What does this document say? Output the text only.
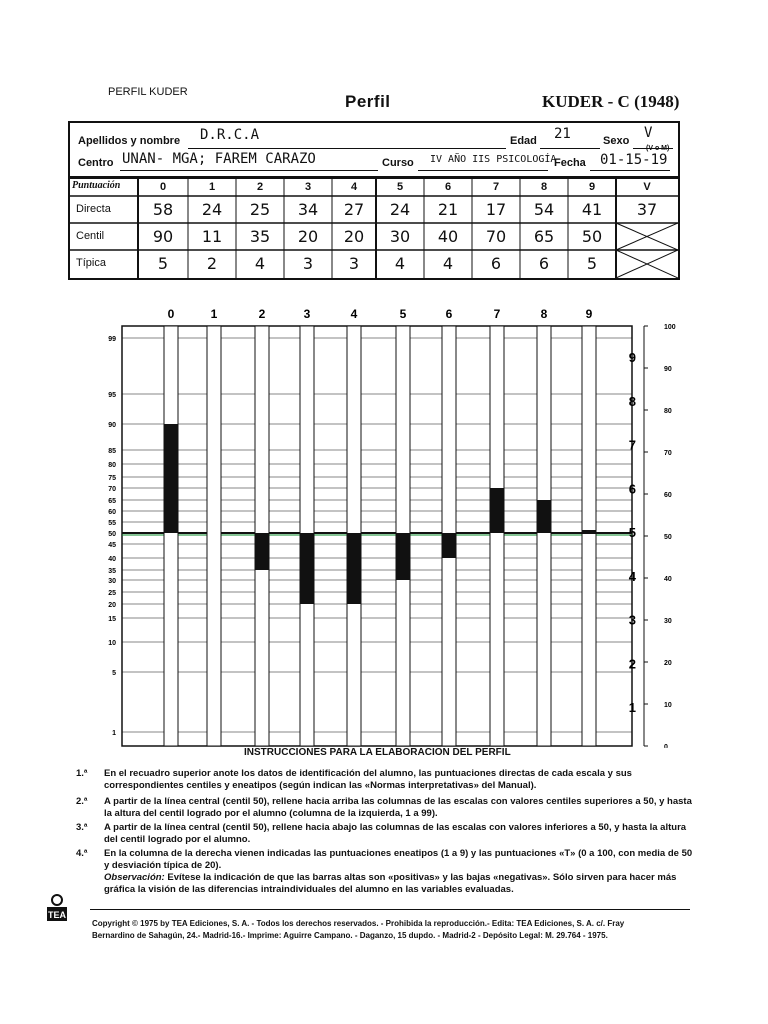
PERFIL KUDER	Perfil	KUDER - C (1948)
Apellidos y nombre D.R.C.A	Edad 21	Sexo V
(V o M)
Centro UNAN- MGA; FAREM CARAZO	Curso IV AÑO IIS PSICOLOGÍA
Fecha 01-15-19
Puntuación	0	1	2	3	4	5	6	7	8	9	V
Directa	58	24	25	34	27	24	21	17	54	41	37
Centil	90	11	35	20	20	30	40	70	65	50
Típica	5	2	4	3	3	4	4	6	6	5
99
95
90
85
80
75
70
65
60
55
50
45
40
35
30
25
20
15
10
5
1
0	1	2	3	4	5	6	7	8	9
100
90
80
70
60
50
40
30
20
10
0
9
8
7
6
5
4
3
2
1
INSTRUCCIONES PARA LA ELABORACION DEL PERFIL
1.ª En el recuadro superior anote los datos de identificación del alumno, las puntuaciones directas de cada escala y sus correspondientes centiles y eneatipos (según indican las «Normas interpretativas» del Manual).
2.ª A partir de la línea central (centil 50), rellene hacia arriba las columnas de las escalas con valores centiles superiores a 50, y hasta la altura del centil logrado por el alumno (columna de la izquierda, 1 a 99).
3.ª A partir de la línea central (centil 50), rellene hacia abajo las columnas de las escalas con valores inferiores a 50, y hasta la altura del centil logrado por el alumno.
4.ª En la columna de la derecha vienen indicadas las puntuaciones eneatipos (1 a 9) y las puntuaciones «T» (0 a 100, con media de 50 y desviación típica de 20).
Observación: Evítese la indicación de que las barras altas son «positivas» y las bajas «negativas». Sólo sirven para hacer más gráfica la visión de las diferencias intraindividuales del alumno en las variables evaluadas.
TEA
Copyright © 1975 by TEA Ediciones, S. A. - Todos los derechos reservados. - Prohibida la reproducción.- Edita: TEA Ediciones, S. A. c/. Fray
Bernardino de Sahagún, 24.- Madrid-16.- Imprime: Aguirre Campano. - Daganzo, 15 dupdo. - Madrid-2 - Depósito Legal: M. 29.764 - 1975.
